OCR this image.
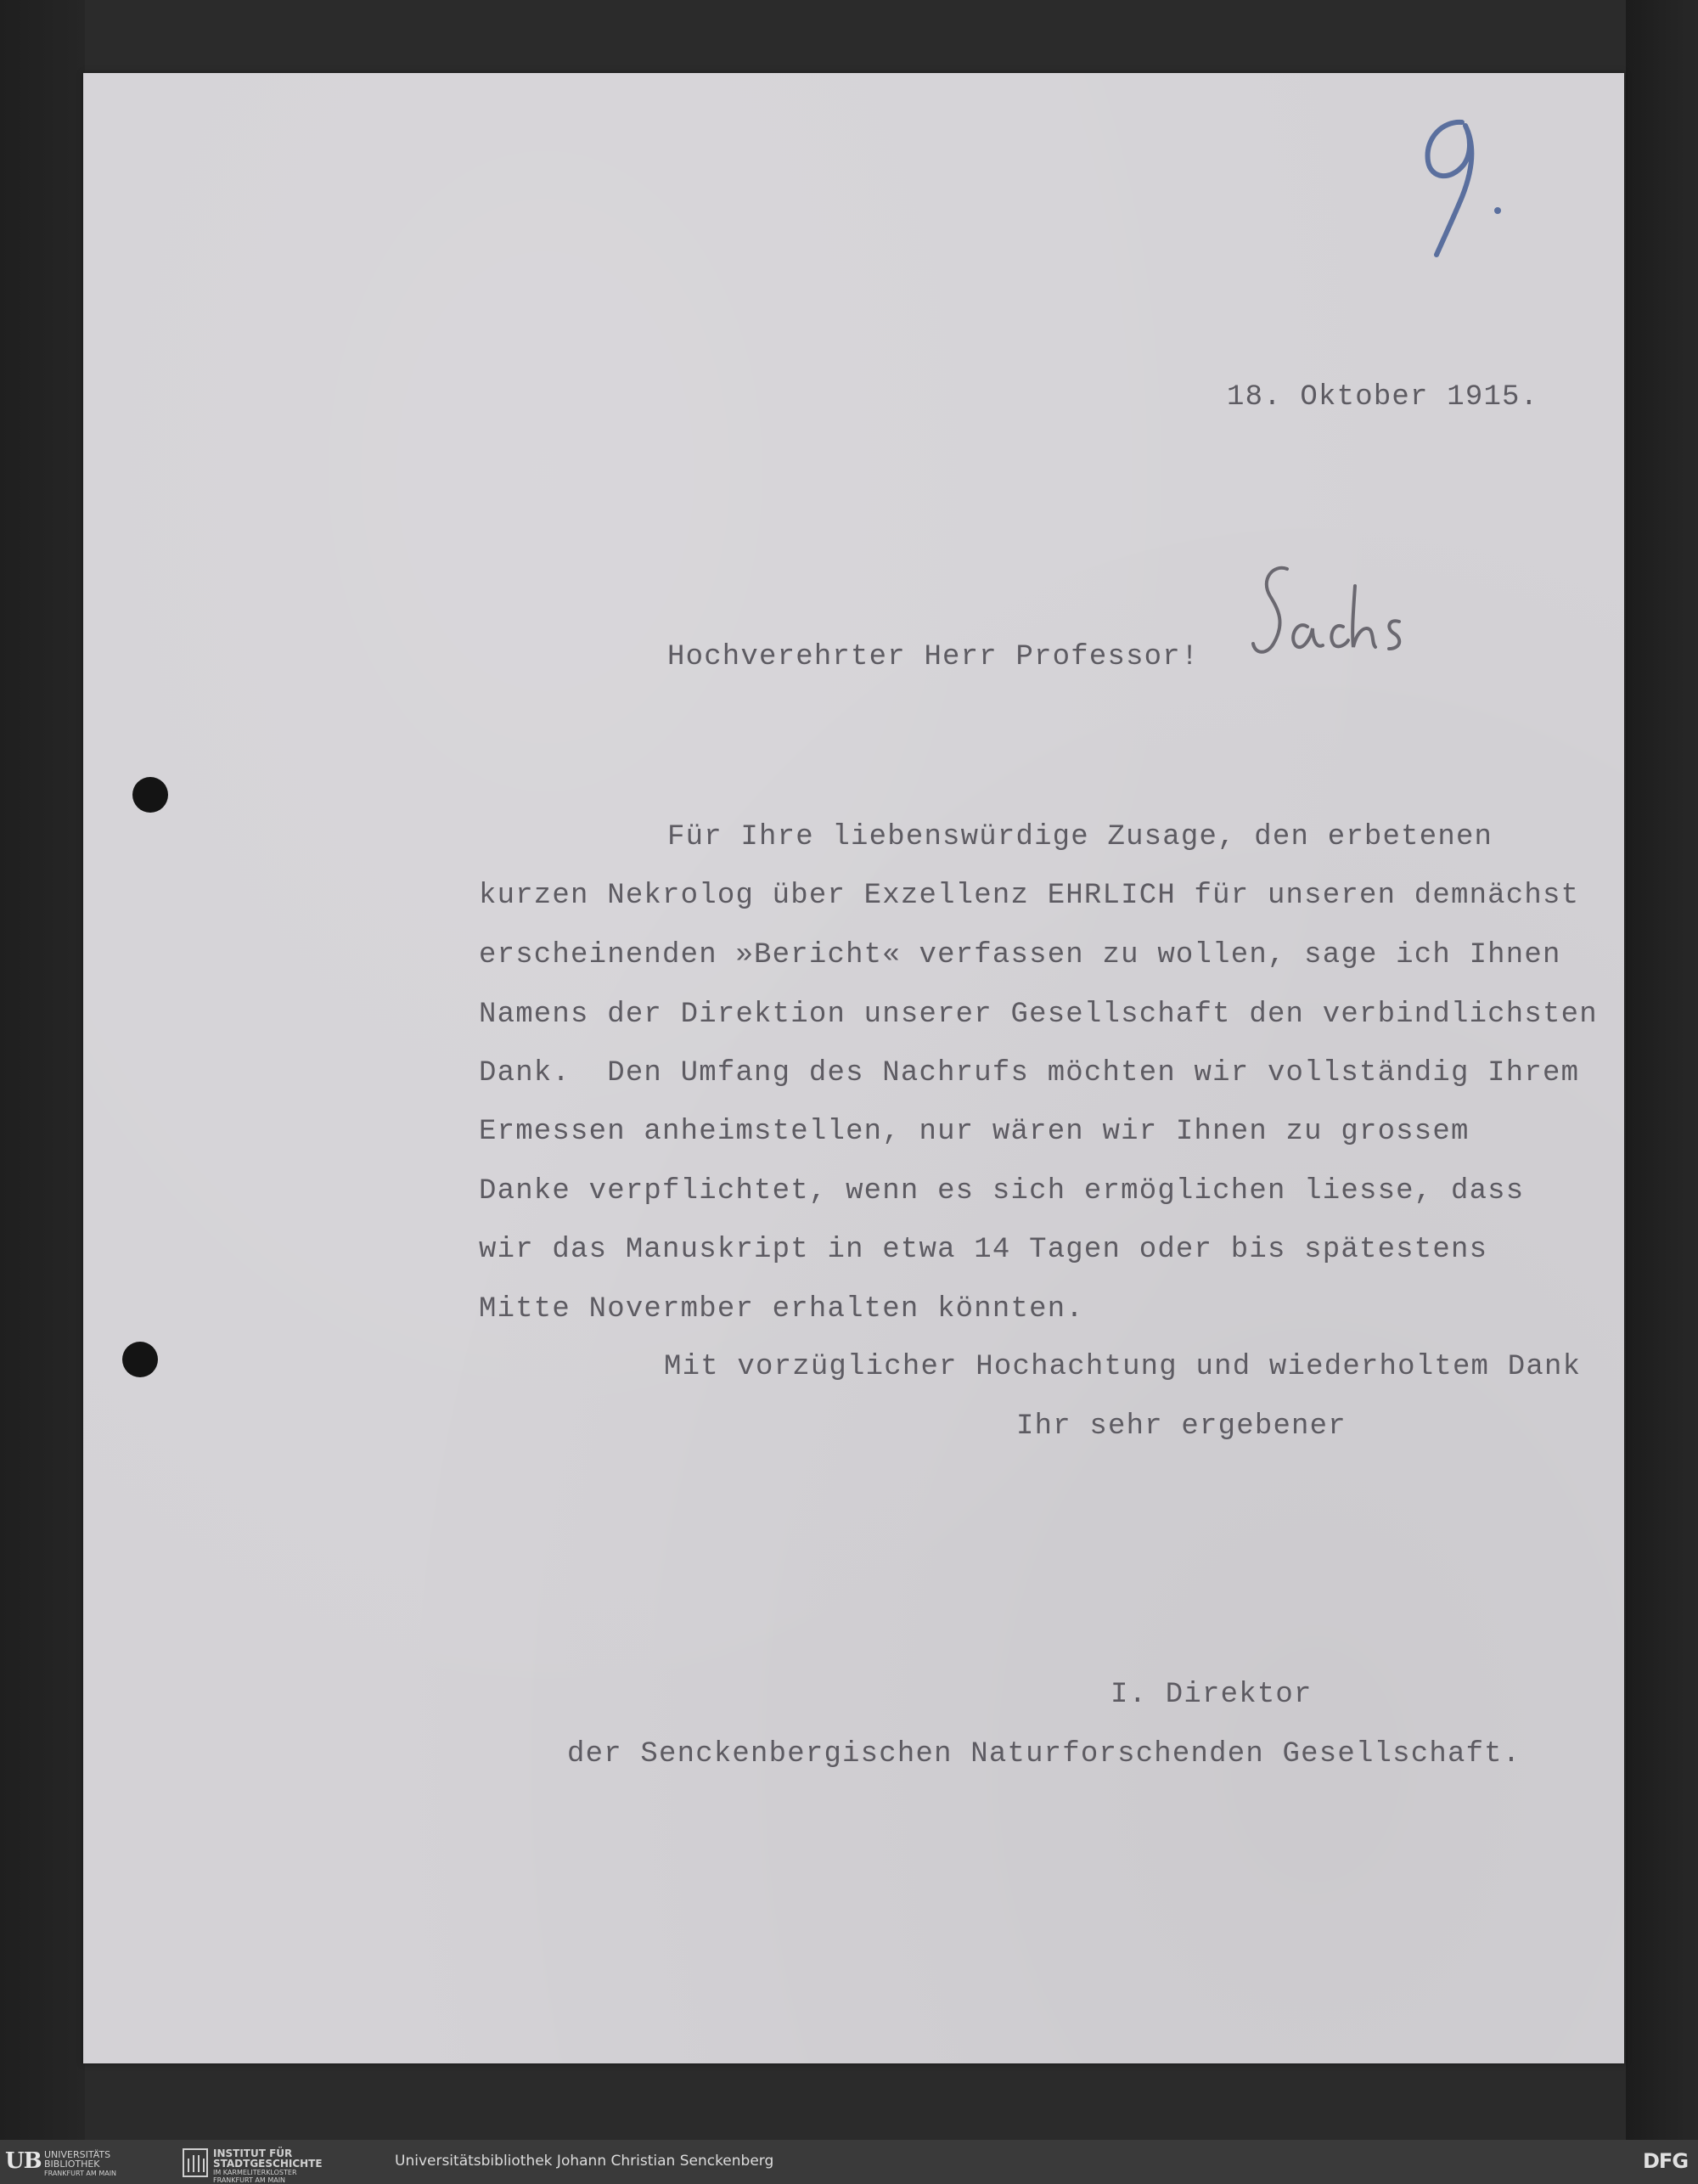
18. Oktober 1915.
Hochverehrter Herr Professor!
Für Ihre liebenswürdige Zusage, den erbetenen
kurzen Nekrolog über Exzellenz EHRLICH für unseren demnächst
erscheinenden »Bericht« verfassen zu wollen, sage ich Ihnen
Namens der Direktion unserer Gesellschaft den verbindlichsten
Dank.  Den Umfang des Nachrufs möchten wir vollständig Ihrem
Ermessen anheimstellen, nur wären wir Ihnen zu grossem
Danke verpflichtet, wenn es sich ermöglichen liesse, dass
wir das Manuskript in etwa 14 Tagen oder bis spätestens
Mitte Novermber erhalten könnten.
Mit vorzüglicher Hochachtung und wiederholtem Dank
Ihr sehr ergebener
I. Direktor
der Senckenbergischen Naturforschenden Gesellschaft.
UB UNIVERSITÄTS
BIBLIOTHEK
FRANKFURT AM MAIN
INSTITUT FÜR
STADTGESCHICHTE
IM KARMELITERKLOSTER
FRANKFURT AM MAIN
Universitätsbibliothek Johann Christian Senckenberg	DFG
